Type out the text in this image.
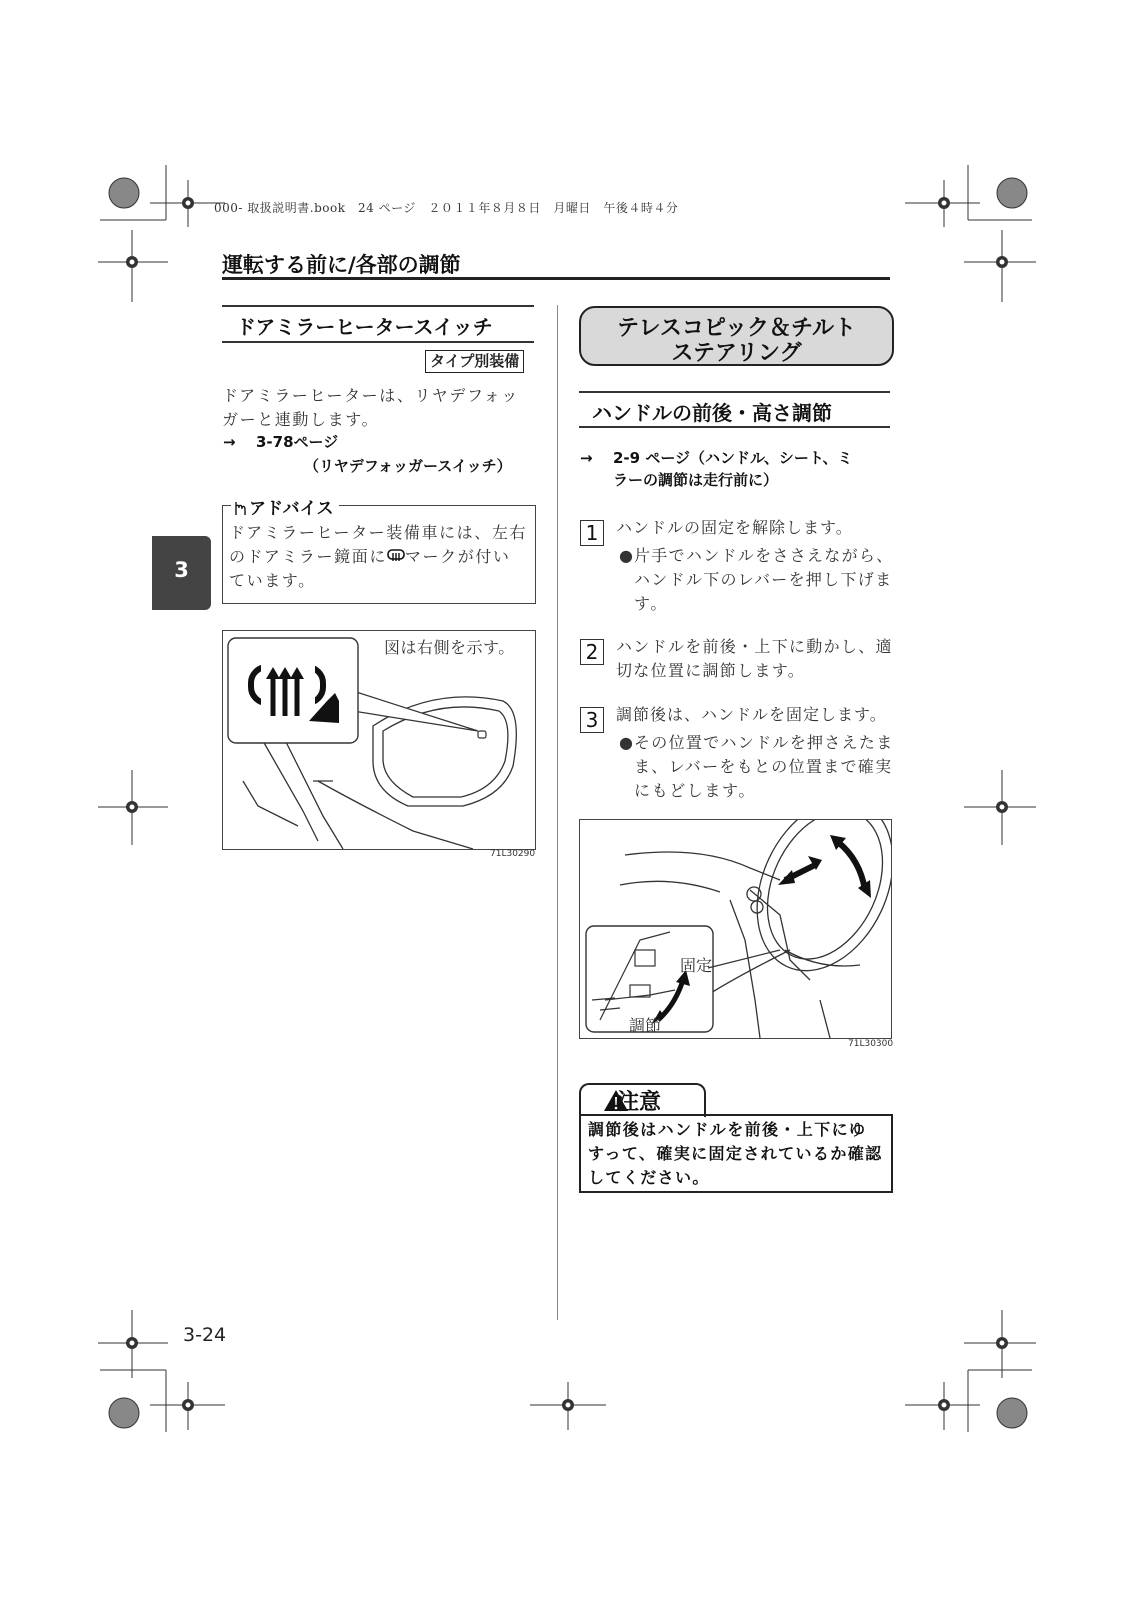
000- 取扱説明書.book　24 ページ　２０１１年８月８日　月曜日　午後４時４分
運転する前に/各部の調節
3
ドアミラーヒータースイッチ
タイプ別装備
ドアミラーヒーターは、リヤデフォッ
ガーと連動します。
→ 3-78ページ
（リヤデフォッガースイッチ）
アドバイス
ドアミラーヒーター装備車には、左右
のドアミラー鏡面に マークが付い
ています。
図は右側を示す。
71L30290
テレスコピック＆チルト
ステアリング
ハンドルの前後・高さ調節
→ 2-9 ページ（ハンドル、シート、ミ
ラーの調節は走行前に）
1	ハンドルの固定を解除します。
● 片手でハンドルをささえながら、
ハンドル下のレバーを押し下げま
す。
2	ハンドルを前後・上下に動かし、適
切な位置に調節します。
3	調節後は、ハンドルを固定します。
● その位置でハンドルを押さえたま
ま、レバーをもとの位置まで確実
にもどします。
固定
調節
71L30300
注意
調節後はハンドルを前後・上下にゆ
すって、確実に固定されているか確認
してください。
3-24
